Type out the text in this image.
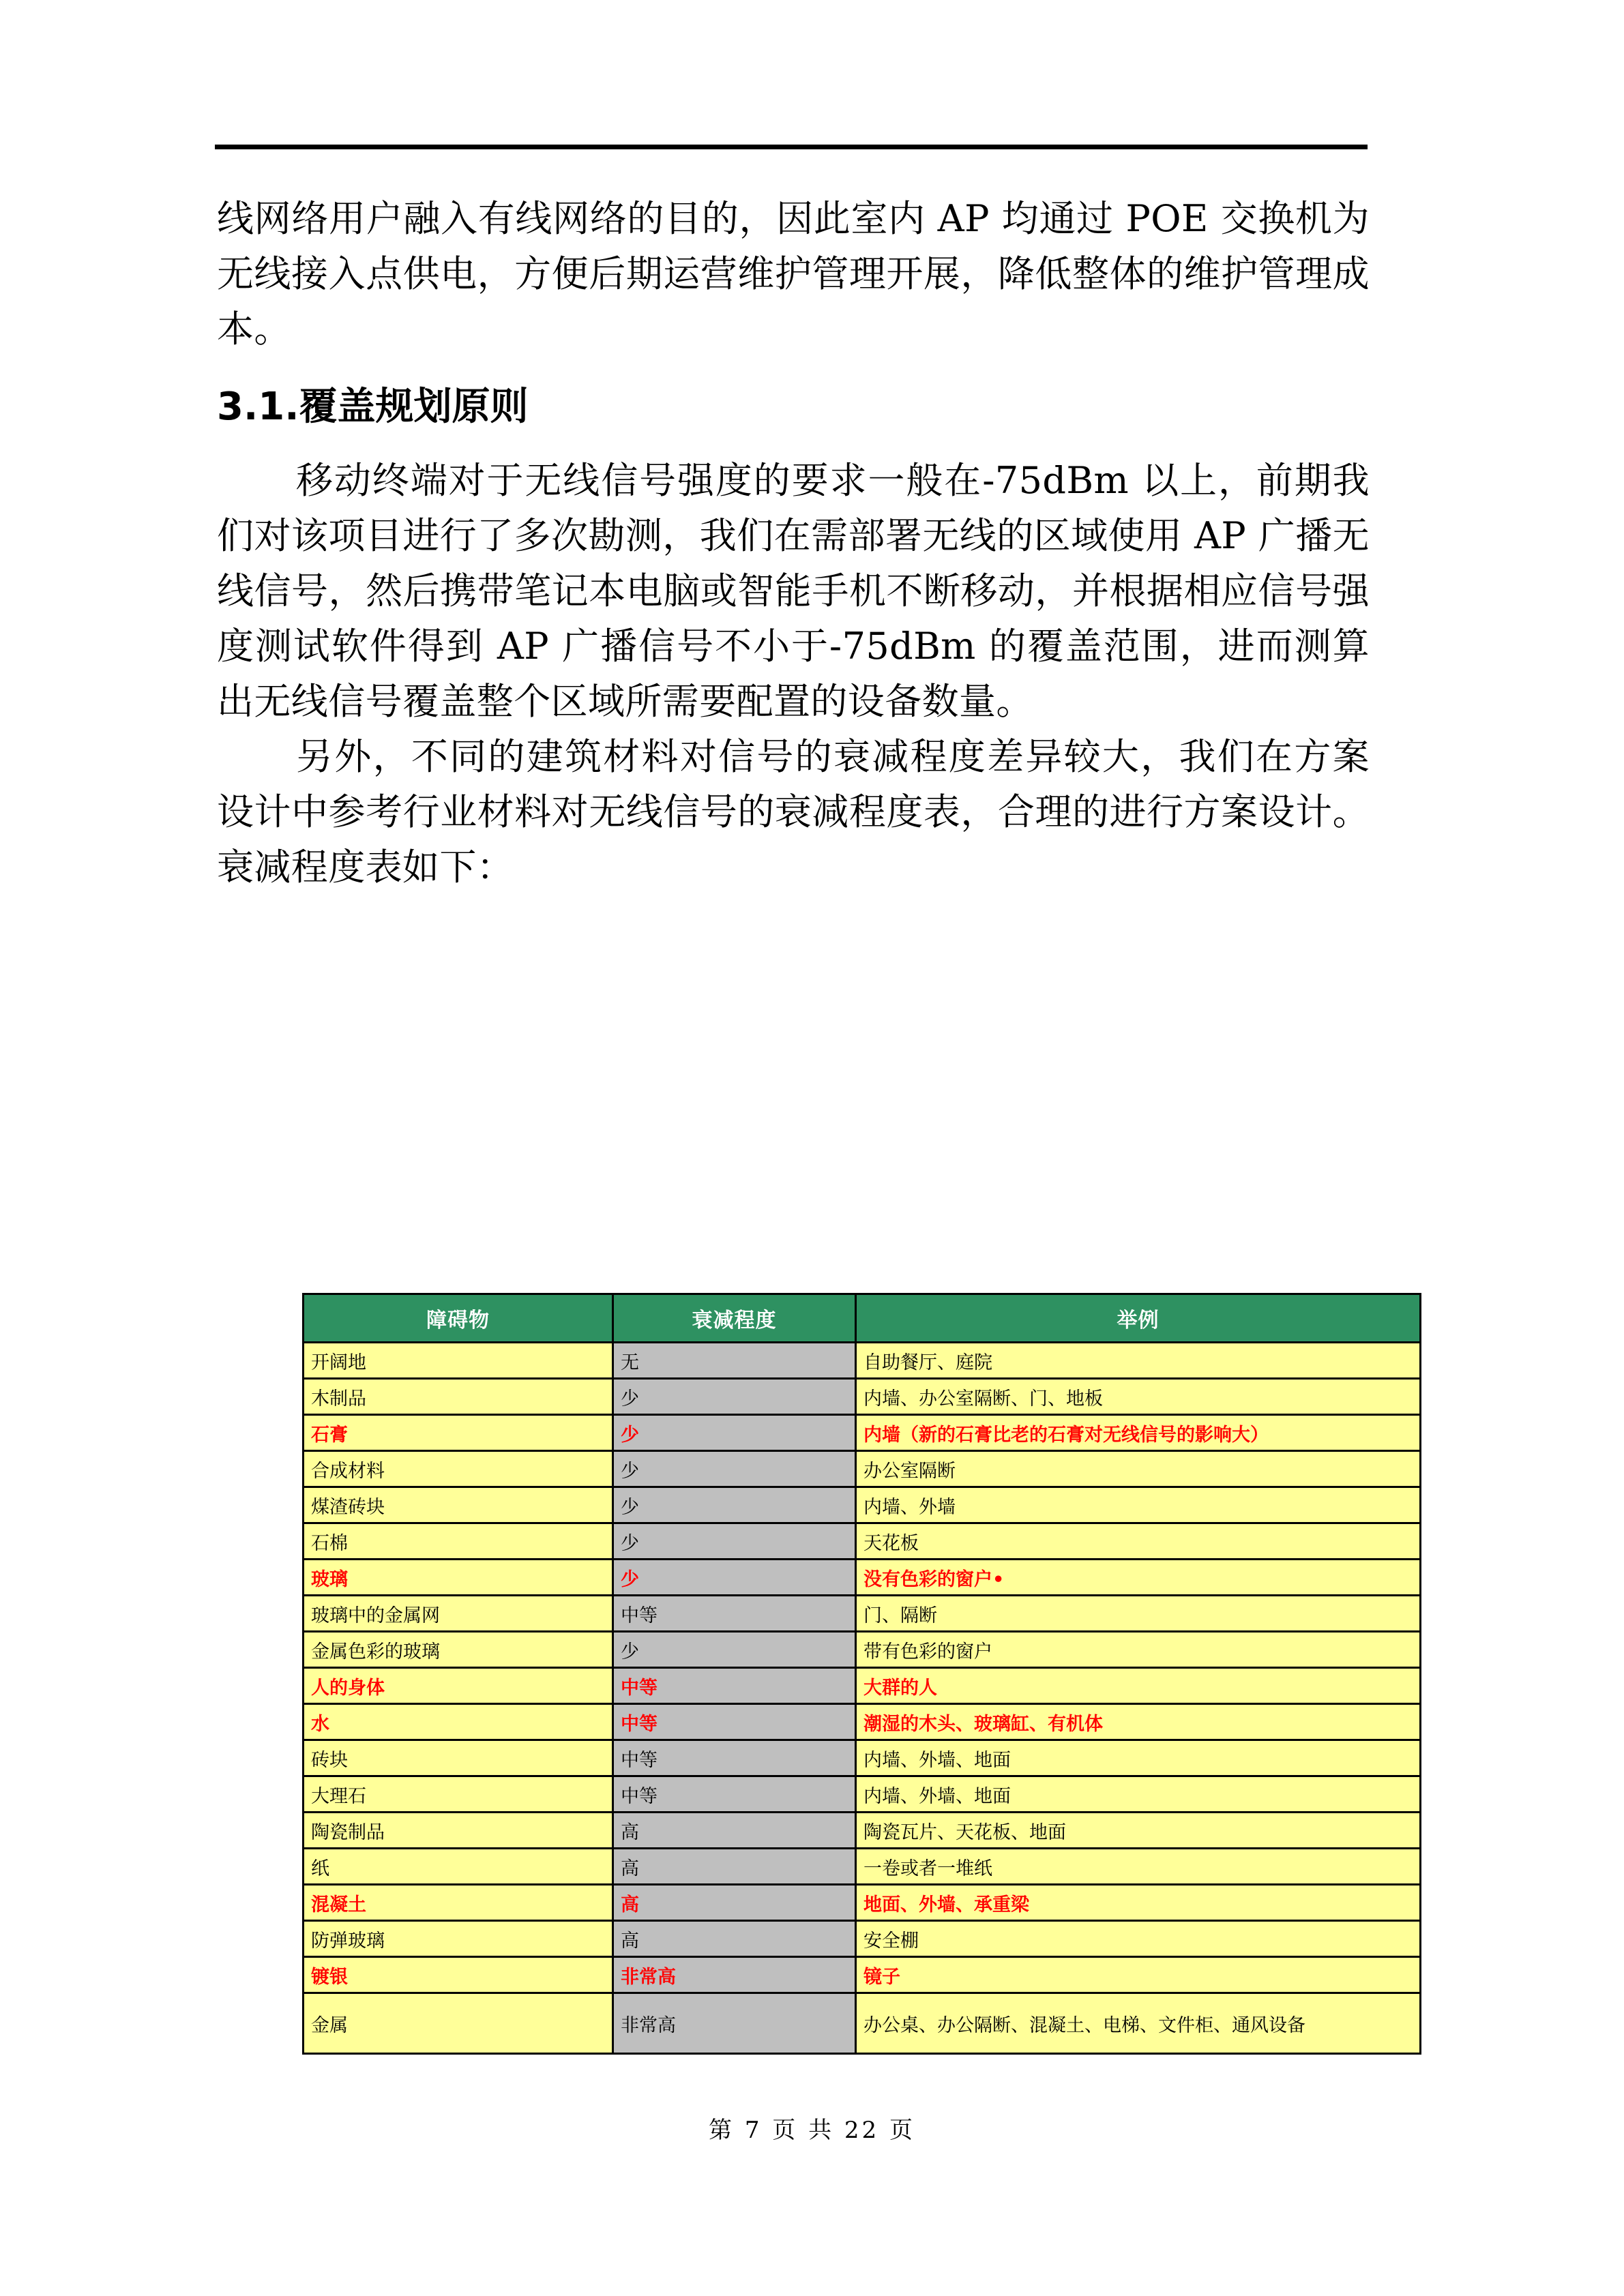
线网络用户融入有线网络的目的，因此室内 AP 均通过 POE 交换机为无线接入点供电，方便后期运营维护管理开展，降低整体的维护管理成本。

3.1.覆盖规划原则

移动终端对于无线信号强度的要求一般在-75dBm 以上，前期我们对该项目进行了多次勘测，我们在需部署无线的区域使用 AP 广播无线信号，然后携带笔记本电脑或智能手机不断移动，并根据相应信号强度测试软件得到 AP 广播信号不小于-75dBm 的覆盖范围，进而测算出无线信号覆盖整个区域所需要配置的设备数量。

另外，不同的建筑材料对信号的衰减程度差异较大，我们在方案设计中参考行业材料对无线信号的衰减程度表，合理的进行方案设计。衰减程度表如下：

障碍物	衰减程度	举例
开阔地	无	自助餐厅、庭院
木制品	少	内墙、办公室隔断、门、地板
石膏	少	内墙（新的石膏比老的石膏对无线信号的影响大）
合成材料	少	办公室隔断
煤渣砖块	少	内墙、外墙
石棉	少	天花板
玻璃	少	没有色彩的窗户•
玻璃中的金属网	中等	门、隔断
金属色彩的玻璃	少	带有色彩的窗户
人的身体	中等	大群的人
水	中等	潮湿的木头、玻璃缸、有机体
砖块	中等	内墙、外墙、地面
大理石	中等	内墙、外墙、地面
陶瓷制品	高	陶瓷瓦片、天花板、地面
纸	高	一卷或者一堆纸
混凝土	高	地面、外墙、承重梁
防弹玻璃	高	安全棚
镀银	非常高	镜子
金属	非常高	办公桌、办公隔断、混凝土、电梯、文件柜、通风设备
第 7 页 共 22 页
